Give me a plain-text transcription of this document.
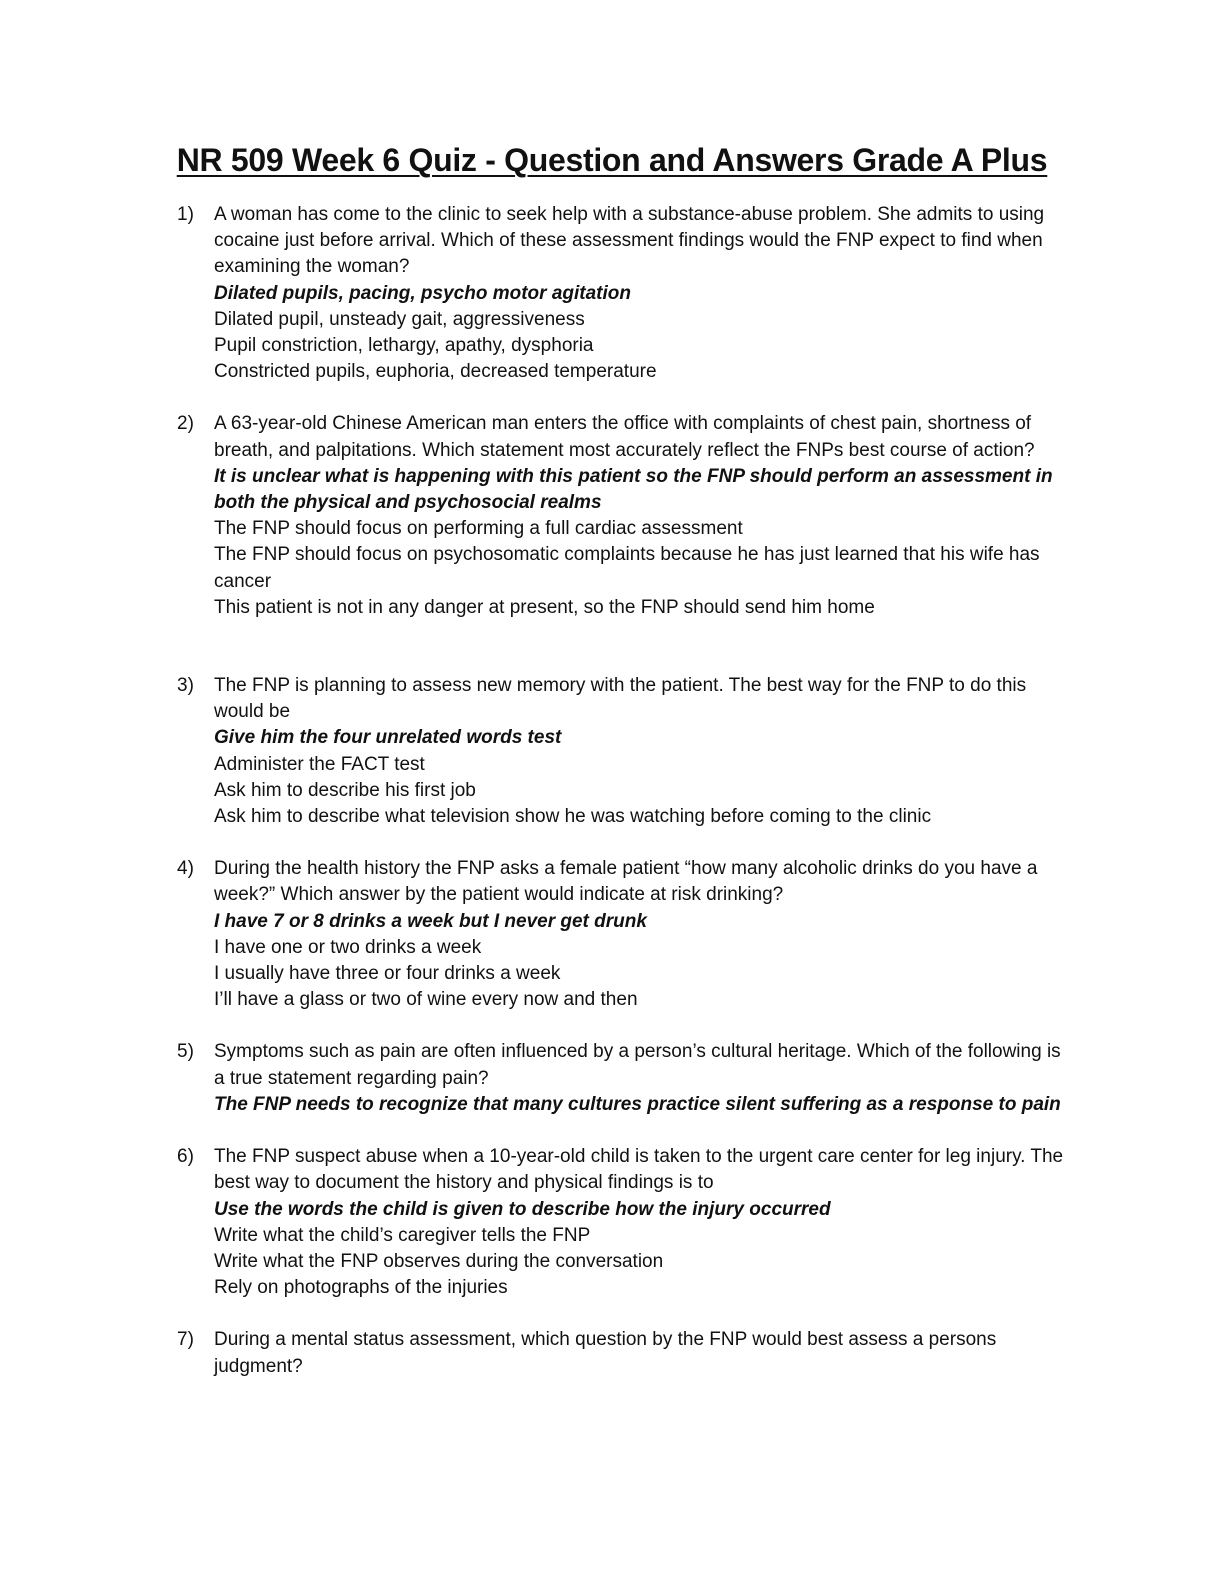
NR 509 Week 6 Quiz - Question and Answers Grade A Plus
1) A woman has come to the clinic to seek help with a substance-abuse problem. She admits to using cocaine just before arrival. Which of these assessment findings would the FNP expect to find when examining the woman?
Dilated pupils, pacing, psycho motor agitation
Dilated pupil, unsteady gait, aggressiveness
Pupil constriction, lethargy, apathy, dysphoria
Constricted pupils, euphoria, decreased temperature
2) A 63-year-old Chinese American man enters the office with complaints of chest pain, shortness of breath, and palpitations. Which statement most accurately reflect the FNPs best course of action?
It is unclear what is happening with this patient so the FNP should perform an assessment in both the physical and psychosocial realms
The FNP should focus on performing a full cardiac assessment
The FNP should focus on psychosomatic complaints because he has just learned that his wife has cancer
This patient is not in any danger at present, so the FNP should send him home
3) The FNP is planning to assess new memory with the patient. The best way for the FNP to do this would be
Give him the four unrelated words test
Administer the FACT test
Ask him to describe his first job
Ask him to describe what television show he was watching before coming to the clinic
4) During the health history the FNP asks a female patient “how many alcoholic drinks do you have a week?” Which answer by the patient would indicate at risk drinking?
I have 7 or 8 drinks a week but I never get drunk
I have one or two drinks a week
I usually have three or four drinks a week
I’ll have a glass or two of wine every now and then
5) Symptoms such as pain are often influenced by a person’s cultural heritage. Which of the following is a true statement regarding pain?
The FNP needs to recognize that many cultures practice silent suffering as a response to pain
6) The FNP suspect abuse when a 10-year-old child is taken to the urgent care center for leg injury. The best way to document the history and physical findings is to
Use the words the child is given to describe how the injury occurred
Write what the child’s caregiver tells the FNP
Write what the FNP observes during the conversation
Rely on photographs of the injuries
7) During a mental status assessment, which question by the FNP would best assess a persons judgment?
